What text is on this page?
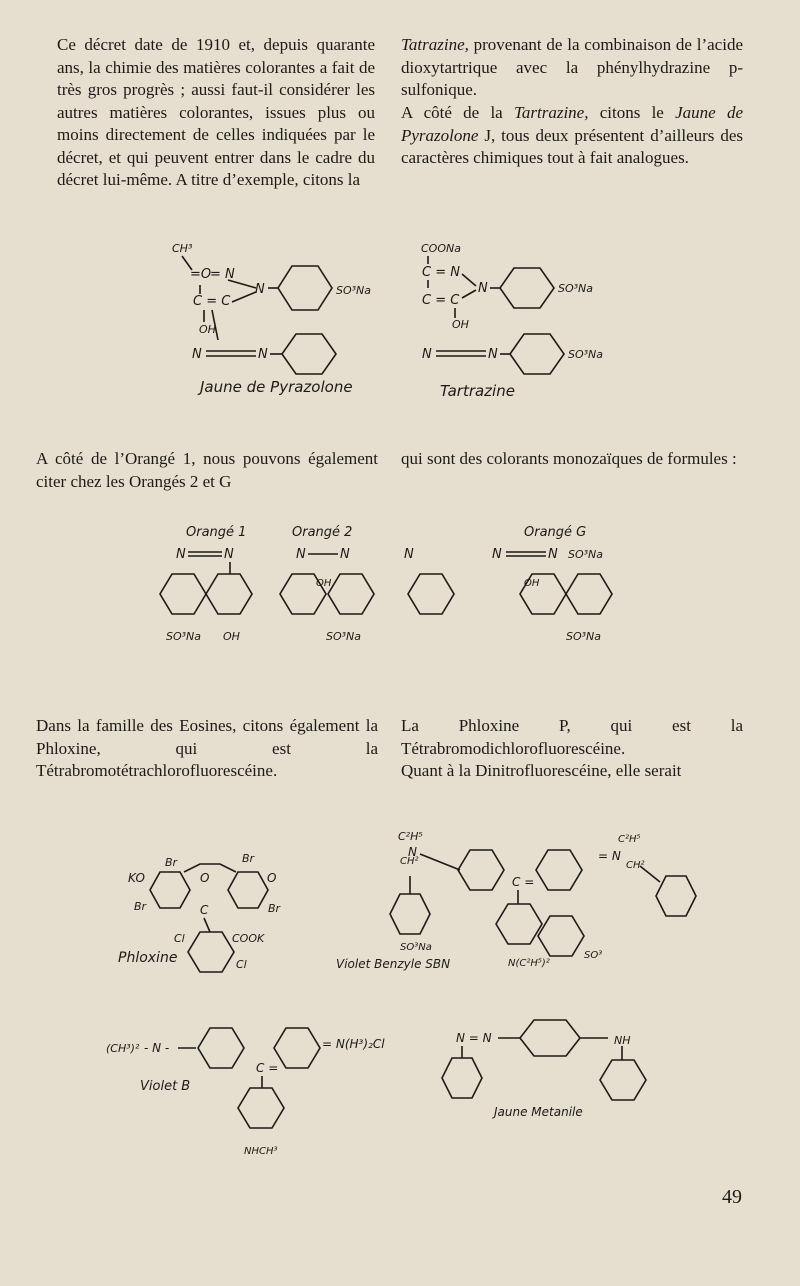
Ce décret date de 1910 et, depuis quarante ans, la chimie des matières colorantes a fait de très gros progrès ; aussi faut-il considérer les autres matières colorantes, issues plus ou moins directement de celles indiquées par le décret, et qui peuvent entrer dans le cadre du décret lui-même. A titre d’exemple, citons la

Tatrazine, provenant de la combinaison de l’acide dioxytartrique avec la phénylhydrazine p-sulfonique.

A côté de la Tartrazine, citons le Jaune de Pyrazolone J, tous deux présentent d’ailleurs des caractères chimiques tout à fait analogues.

CH³
=O
= N
C = C
N	SO³Na
OH
N	N
Jaune de Pyrazolone
COONa
C = N
C = C
N	SO³Na
OH
N	N	SO³Na
Tartrazine

A côté de l’Orangé 1, nous pouvons également citer chez les Orangés 2 et G

qui sont des colorants monozaïques de formules :

Orangé 1
N	N
SO³Na OH
Orangé 2
N	N
OH
SO³Na
Orangé G
N	N	N SO³Na
OH
SO³Na

Dans la famille des Eosines, citons également la Phloxine, qui est la Tétrabromotétrachlorofluorescéine.

La Phloxine P, qui est la Tétrabromodichlorofluorescéine.

Quant à la Dinitrofluorescéine, elle serait

Br	Br
KO	O	O
Br	Br
C
Cl	COOK
Phloxine	Cl
C²H⁵
N
CH²
SO³Na
C =
= N
C²H⁵
CH²
N(C²H⁵)²
SO³
Violet Benzyle SBN
(CH³)² - N -
C =
= N(H³)₂Cl
NHCH³
Violet B
N = N	NH
Jaune Metanile
49
